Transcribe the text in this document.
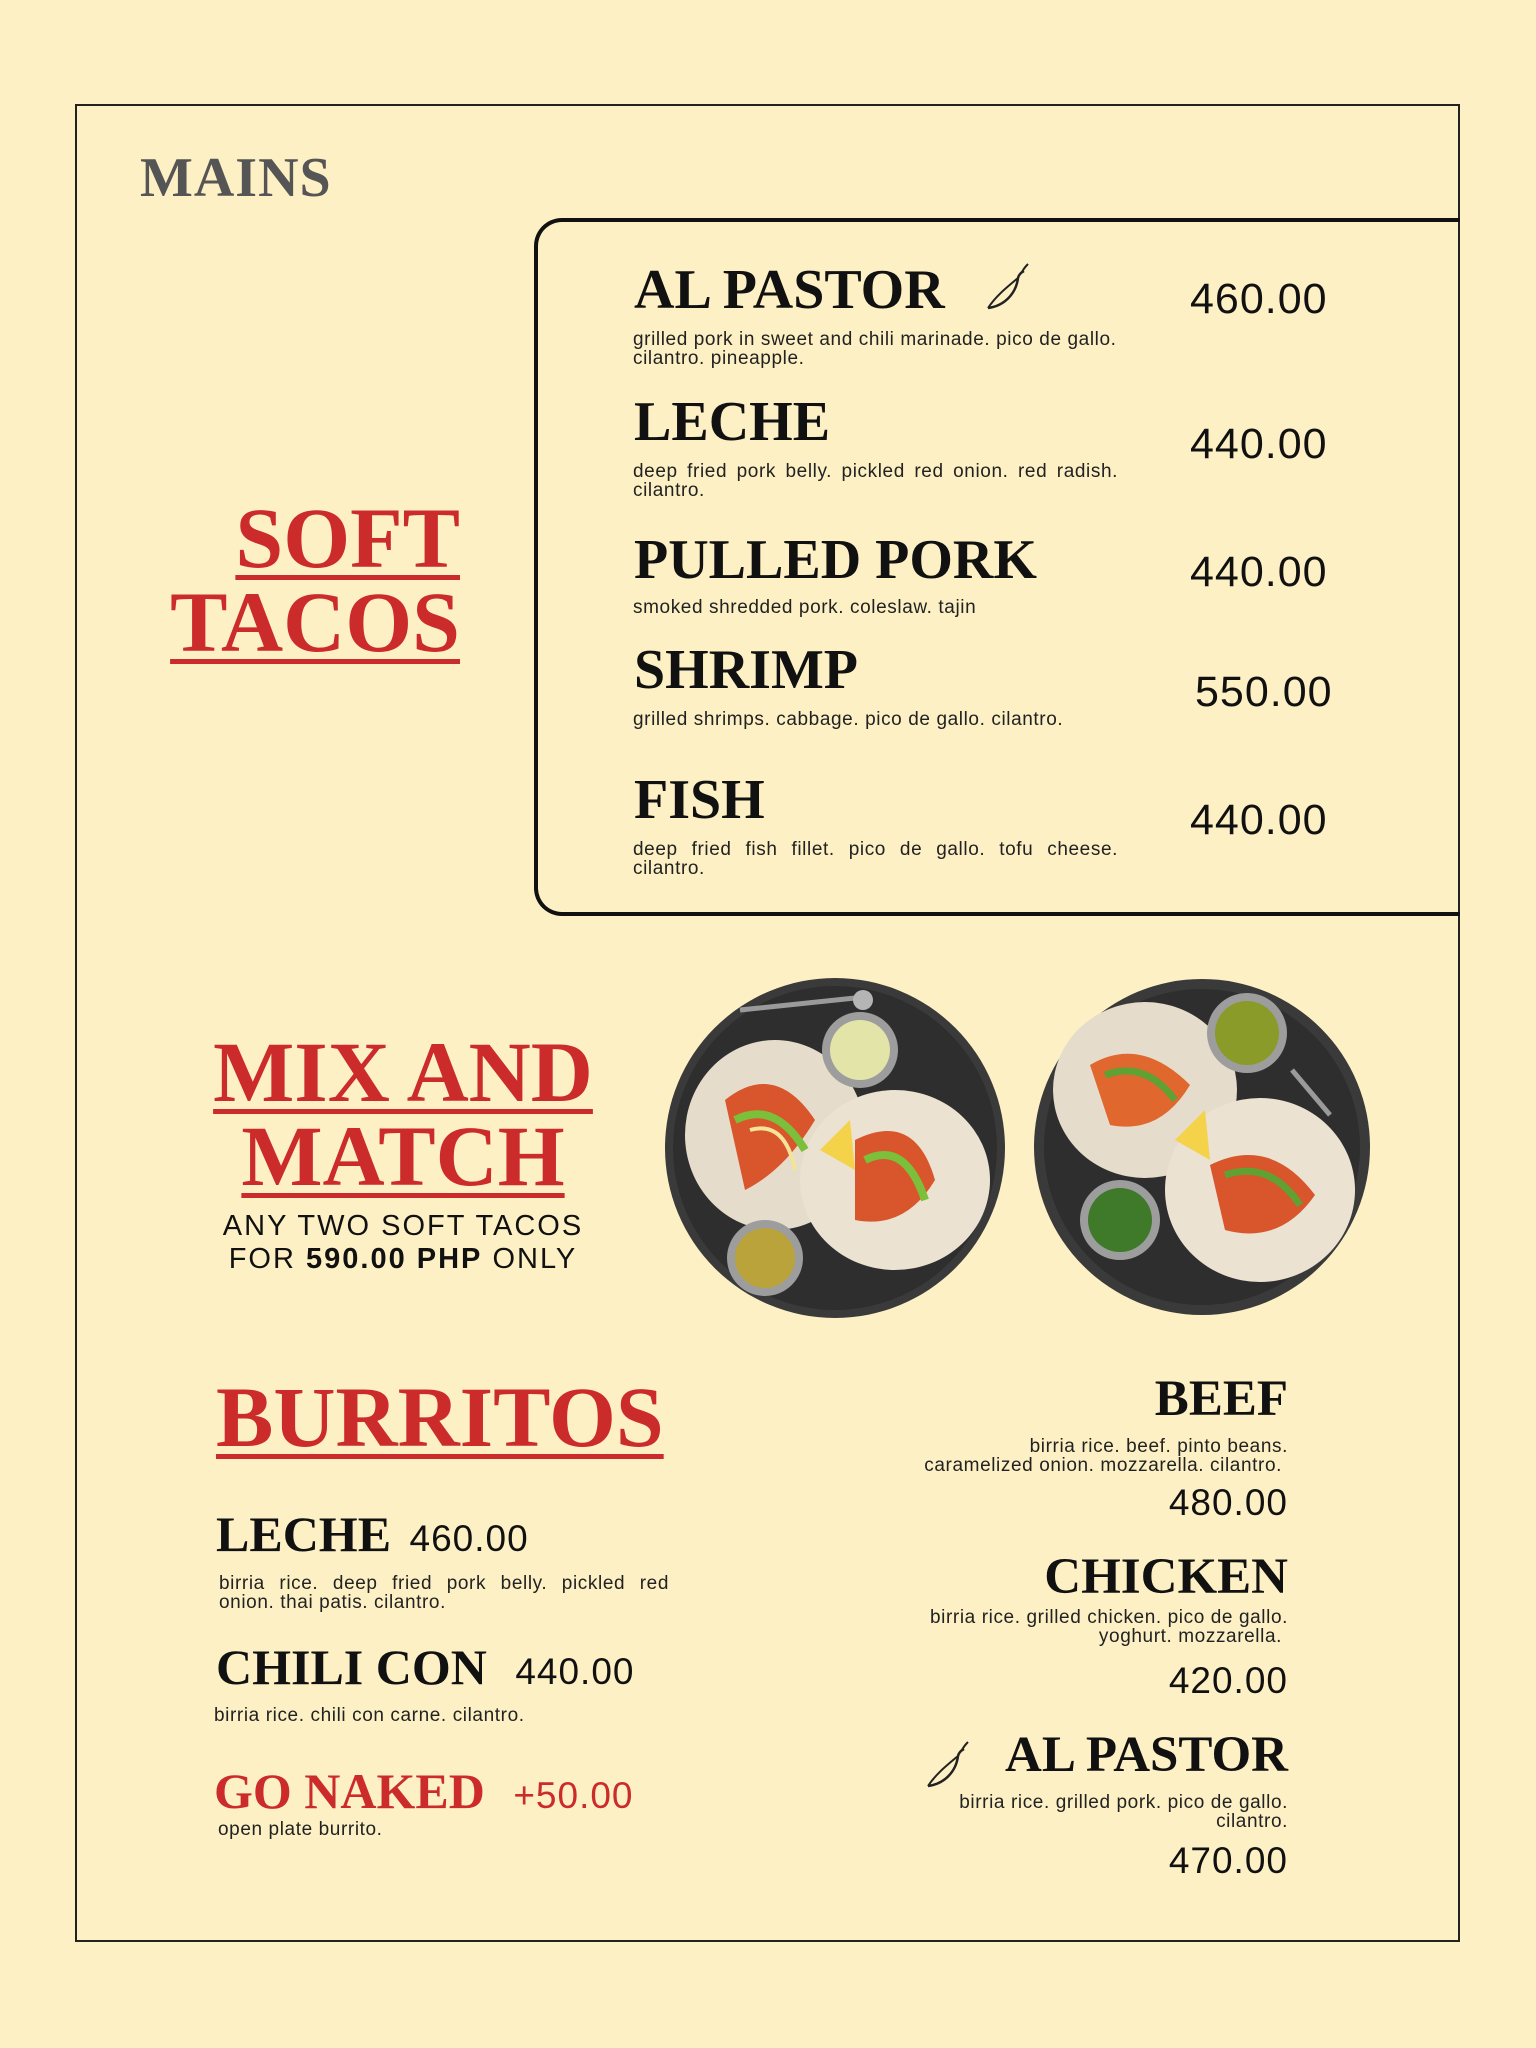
MAINS
SOFT
TACOS
AL PASTOR
grilled pork in sweet and chili marinade. pico de gallo. cilantro. pineapple.
460.00
LECHE
deep fried pork belly. pickled red onion. red radish. cilantro.
440.00
PULLED PORK
smoked shredded pork. coleslaw. tajin
440.00
SHRIMP
grilled shrimps. cabbage. pico de gallo. cilantro.
550.00
FISH
deep fried fish fillet. pico de gallo. tofu cheese. cilantro.
440.00
MIX AND
MATCH
ANY TWO SOFT TACOS
FOR 590.00 PHP ONLY
BURRITOS
LECHE 460.00
birria rice. deep fried pork belly. pickled red onion. thai patis. cilantro.
CHILI CON 440.00
birria rice. chili con carne. cilantro.
GO NAKED +50.00
open plate burrito.
BEEF
birria rice. beef. pinto beans.
caramelized onion. mozzarella. cilantro.
480.00
CHICKEN
birria rice. grilled chicken. pico de gallo.
yoghurt. mozzarella.
420.00
AL PASTOR
birria rice. grilled pork. pico de gallo.
cilantro.
470.00
